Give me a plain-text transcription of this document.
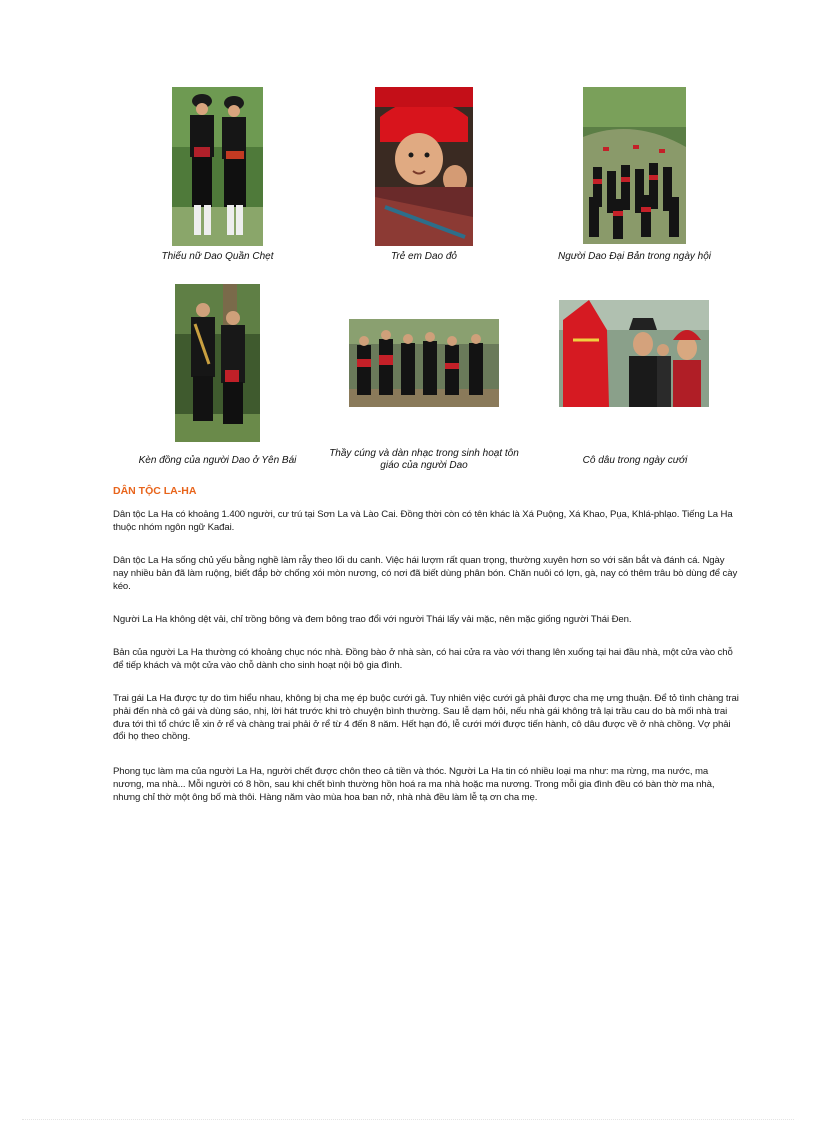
Thiếu nữ Dao Quần Chẹt	Trẻ em Dao đỏ	Người Dao Đại Bản trong ngày hội
Kèn đồng của người Dao ở Yên Bái
Thầy cúng và dàn nhạc trong sinh hoạt tôn giáo của người Dao	Cô dâu trong ngày cưới
DÂN TỘC LA-HA
Dân tộc La Ha có khoảng 1.400 người, cư trú tại Sơn La và Lào Cai. Đồng thời còn có tên khác là Xá Puộng, Xá Khao, Pụa, Khlá-phlạo. Tiếng La Ha thuộc nhóm ngôn ngữ Kađai.
Dân tộc La Ha sống chủ yếu bằng nghề làm rẫy theo lối du canh. Việc hái lượm rất quan trọng, thường xuyên hơn so với săn bắt và đánh cá. Ngày nay nhiều bản đã làm ruộng, biết đắp bờ chống xói mòn nương, có nơi đã biết dùng phân bón. Chăn nuôi có lợn, gà, nay có thêm trâu bò dùng để cày kéo.
Người La Ha không dệt vải, chỉ trồng bông và đem bông trao đổi với người Thái lấy vải mặc, nên mặc giống người Thái Đen.
Bản của người La Ha thường có khoảng chục nóc nhà. Đồng bào ở nhà sàn, có hai cửa ra vào với thang lên xuống tại hai đầu nhà, một cửa vào chỗ để tiếp khách và một cửa vào chỗ dành cho sinh hoạt nội bộ gia đình.
Trai gái La Ha được tự do tìm hiểu nhau, không bị cha mẹ ép buộc cưới gả. Tuy nhiên việc cưới gả phải được cha mẹ ưng thuận. Để tỏ tình chàng trai phải đến nhà cô gái và dùng sáo, nhị, lời hát trước khi trò chuyện bình thường. Sau lễ dạm hỏi, nếu nhà gái không trả lại trầu cau do bà mối nhà trai đưa tới thì tổ chức lễ xin ở rể và chàng trai phải ở rể từ 4 đến 8 năm. Hết hạn đó, lễ cưới mới được tiến hành, cô dâu được về ở nhà chồng. Vợ phải đổi họ theo chồng.
Phong tục làm ma của người La Ha, người chết được chôn theo cả tiền và thóc. Người La Ha tin có nhiều loại ma như: ma rừng, ma nước, ma nương, ma nhà... Mỗi người có 8 hồn, sau khi chết bình thường hồn hoá ra ma nhà hoặc ma nương. Trong mỗi gia đình đều có bàn thờ ma nhà, nhưng chỉ thờ một ông bố mà thôi. Hàng năm vào mùa hoa ban nở, nhà nhà đều làm lễ tạ ơn cha mẹ.
